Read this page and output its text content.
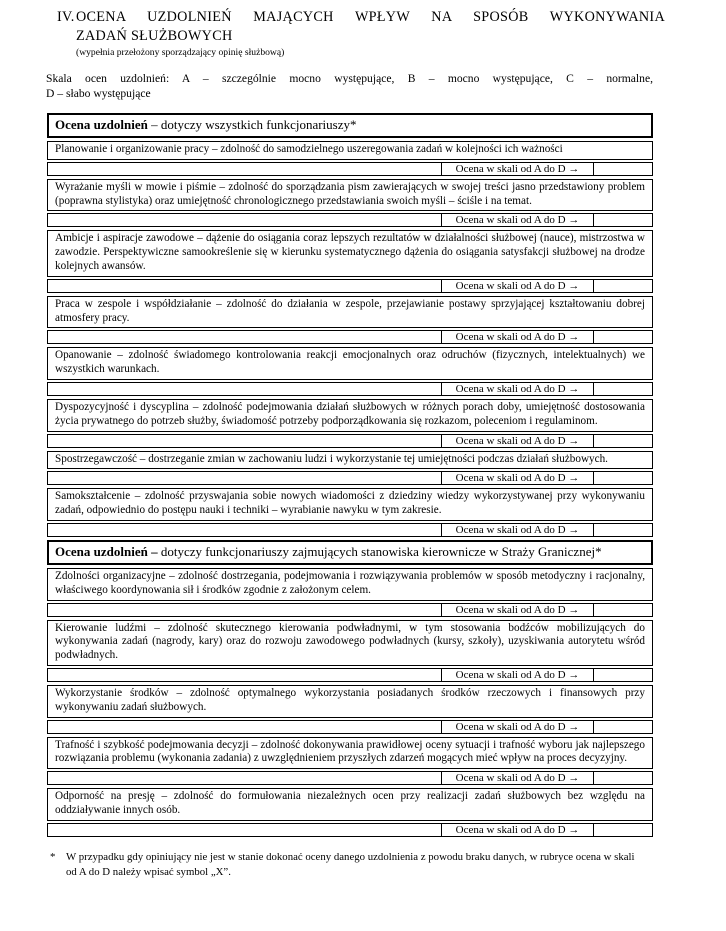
IV. OCENA UZDOLNIEŃ MAJĄCYCH WPŁYW NA SPOSÓB WYKONYWANIA
ZADAŃ SŁUŻBOWYCH
(wypełnia przełożony sporządzający opinię służbową)
Skala ocen uzdolnień: A – szczególnie mocno występujące, B – mocno występujące, C – normalne,
D – słabo występujące
Ocena uzdolnień – dotyczy wszystkich funkcjonariuszy*
Planowanie i organizowanie pracy – zdolność do samodzielnego uszeregowania zadań w kolejności ich ważności
Ocena w skali od A do D →
Wyrażanie myśli w mowie i piśmie – zdolność do sporządzania pism zawierających w swojej treści jasno przedstawiony problem (poprawna stylistyka) oraz umiejętność chronologicznego przedstawiania swoich myśli – ściśle i na temat.
Ocena w skali od A do D →
Ambicje i aspiracje zawodowe – dążenie do osiągania coraz lepszych rezultatów w działalności służbowej (nauce), mistrzostwa w zawodzie. Perspektywiczne samookreślenie się w kierunku systematycznego dążenia do osiągania satysfakcji służbowej na drodze kolejnych awansów.
Ocena w skali od A do D →
Praca w zespole i współdziałanie – zdolność do działania w zespole, przejawianie postawy sprzyjającej kształtowaniu dobrej atmosfery pracy.
Ocena w skali od A do D →
Opanowanie – zdolność świadomego kontrolowania reakcji emocjonalnych oraz odruchów (fizycznych, intelektualnych) we wszystkich warunkach.
Ocena w skali od A do D →
Dyspozycyjność i dyscyplina – zdolność podejmowania działań służbowych w różnych porach doby, umiejętność dostosowania życia prywatnego do potrzeb służby, świadomość potrzeby podporządkowania się rozkazom, poleceniom i regulaminom.
Ocena w skali od A do D →
Spostrzegawczość – dostrzeganie zmian w zachowaniu ludzi i wykorzystanie tej umiejętności podczas działań służbowych.
Ocena w skali od A do D →
Samokształcenie – zdolność przyswajania sobie nowych wiadomości z dziedziny wiedzy wykorzystywanej przy wykonywaniu zadań, odpowiednio do postępu nauki i techniki – wyrabianie nawyku w tym zakresie.
Ocena w skali od A do D →
Ocena uzdolnień – dotyczy funkcjonariuszy zajmujących stanowiska kierownicze w Straży Granicznej*
Zdolności organizacyjne – zdolność dostrzegania, podejmowania i rozwiązywania problemów w sposób metodyczny i racjonalny, właściwego koordynowania sił i środków zgodnie z założonym celem.
Ocena w skali od A do D →
Kierowanie ludźmi – zdolność skutecznego kierowania podwładnymi, w tym stosowania bodźców mobilizujących do wykonywania zadań (nagrody, kary) oraz do rozwoju zawodowego podwładnych (kursy, szkoły), uzyskiwania autorytetu wśród podwładnych.
Ocena w skali od A do D →
Wykorzystanie środków – zdolność optymalnego wykorzystania posiadanych środków rzeczowych i finansowych przy wykonywaniu zadań służbowych.
Ocena w skali od A do D →
Trafność i szybkość podejmowania decyzji – zdolność dokonywania prawidłowej oceny sytuacji i trafność wyboru jak najlepszego rozwiązania problemu (wykonania zadania) z uwzględnieniem przyszłych zdarzeń mogących mieć wpływ na proces decyzyjny.
Ocena w skali od A do D →
Odporność na presję – zdolność do formułowania niezależnych ocen przy realizacji zadań służbowych bez względu na oddziaływanie innych osób.
Ocena w skali od A do D →
* W przypadku gdy opiniujący nie jest w stanie dokonać oceny danego uzdolnienia z powodu braku danych, w rubryce ocena w skali od A do D należy wpisać symbol „X”.
